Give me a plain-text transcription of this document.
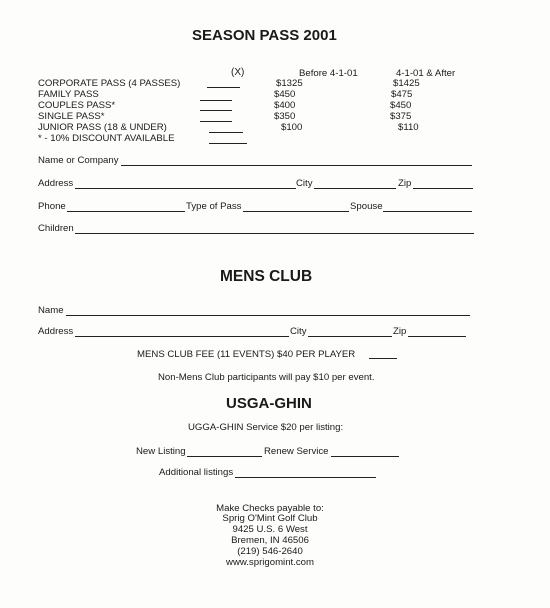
SEASON PASS 2001
(X)	Before 4-1-01	4-1-01 & After
CORPORATE PASS (4 PASSES)	$1325	$1425
FAMILY PASS	$450	$475
COUPLES PASS*	$400	$450
SINGLE PASS*	$350	$375
JUNIOR PASS (18 & UNDER)	$100	$110
* - 10% DISCOUNT AVAILABLE
Name or Company
Address	City	Zip
Phone	Type of Pass	Spouse
Children
MENS CLUB
Name
Address	City	Zip
MENS CLUB FEE (11 EVENTS) $40 PER PLAYER
Non-Mens Club participants will pay $10 per event.
USGA-GHIN
UGGA-GHIN Service $20 per listing:
New Listing	Renew Service
Additional listings
Make Checks payable to:
Sprig O'Mint Golf Club
9425 U.S. 6 West
Bremen, IN 46506
(219) 546-2640
www.sprigomint.com
